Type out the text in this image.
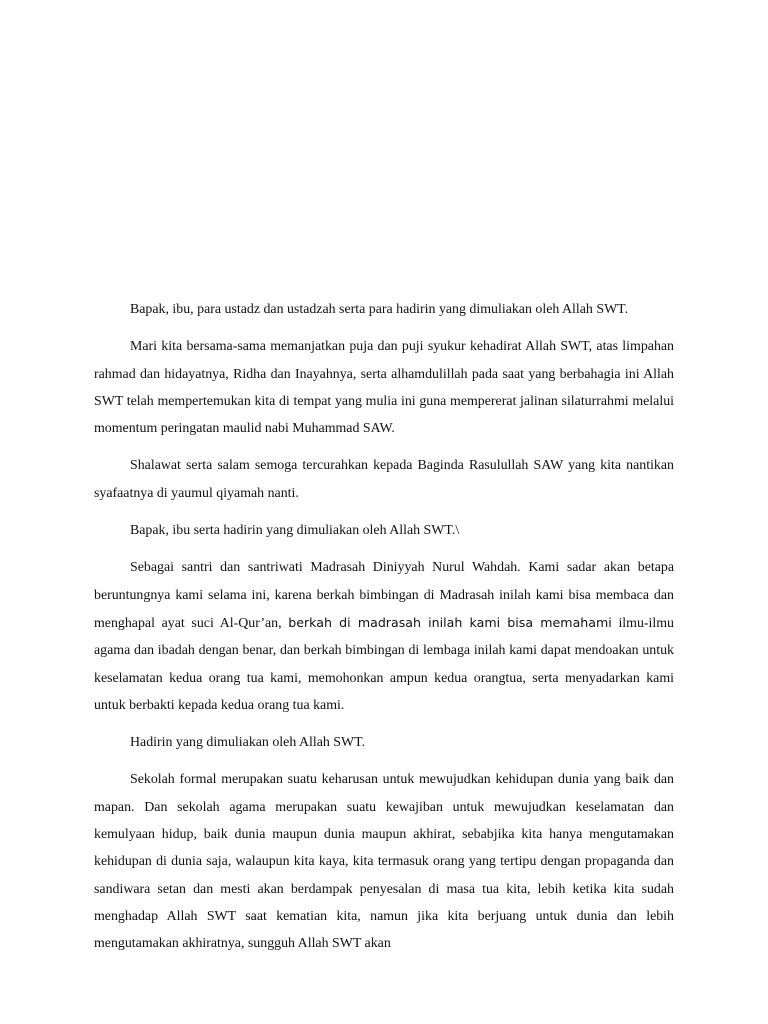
Bapak, ibu, para ustadz dan ustadzah serta para hadirin yang dimuliakan oleh Allah SWT.

Mari kita bersama-sama memanjatkan puja dan puji syukur kehadirat Allah SWT, atas limpahan rahmad dan hidayatnya, Ridha dan Inayahnya, serta alhamdulillah pada saat yang berbahagia ini Allah SWT telah mempertemukan kita di tempat yang mulia ini guna mempererat jalinan silaturrahmi melalui momentum peringatan maulid nabi Muhammad SAW.

Shalawat serta salam semoga tercurahkan kepada Baginda Rasulullah SAW yang kita nantikan syafaatnya di yaumul qiyamah nanti.

Bapak, ibu serta hadirin yang dimuliakan oleh Allah SWT.\

Sebagai santri dan santriwati Madrasah Diniyyah Nurul Wahdah. Kami sadar akan betapa beruntungnya kami selama ini, karena berkah bimbingan di Madrasah inilah kami bisa membaca dan menghapal ayat suci Al-Qur’an, berkah di madrasah inilah kami bisa memahami ilmu-ilmu agama dan ibadah dengan benar, dan berkah bimbingan di lembaga inilah kami dapat mendoakan untuk keselamatan kedua orang tua kami, memohonkan ampun kedua orangtua, serta menyadarkan kami untuk berbakti kepada kedua orang tua kami.

Hadirin yang dimuliakan oleh Allah SWT.

Sekolah formal merupakan suatu keharusan untuk mewujudkan kehidupan dunia yang baik dan mapan. Dan sekolah agama merupakan suatu kewajiban untuk mewujudkan keselamatan dan kemulyaan hidup, baik dunia maupun dunia maupun akhirat, sebabjika kita hanya mengutamakan kehidupan di dunia saja, walaupun kita kaya, kita termasuk orang yang tertipu dengan propaganda dan sandiwara setan dan mesti akan berdampak penyesalan di masa tua kita, lebih ketika kita sudah menghadap Allah SWT saat kematian kita, namun jika kita berjuang untuk dunia dan lebih mengutamakan akhiratnya, sungguh Allah SWT akan
